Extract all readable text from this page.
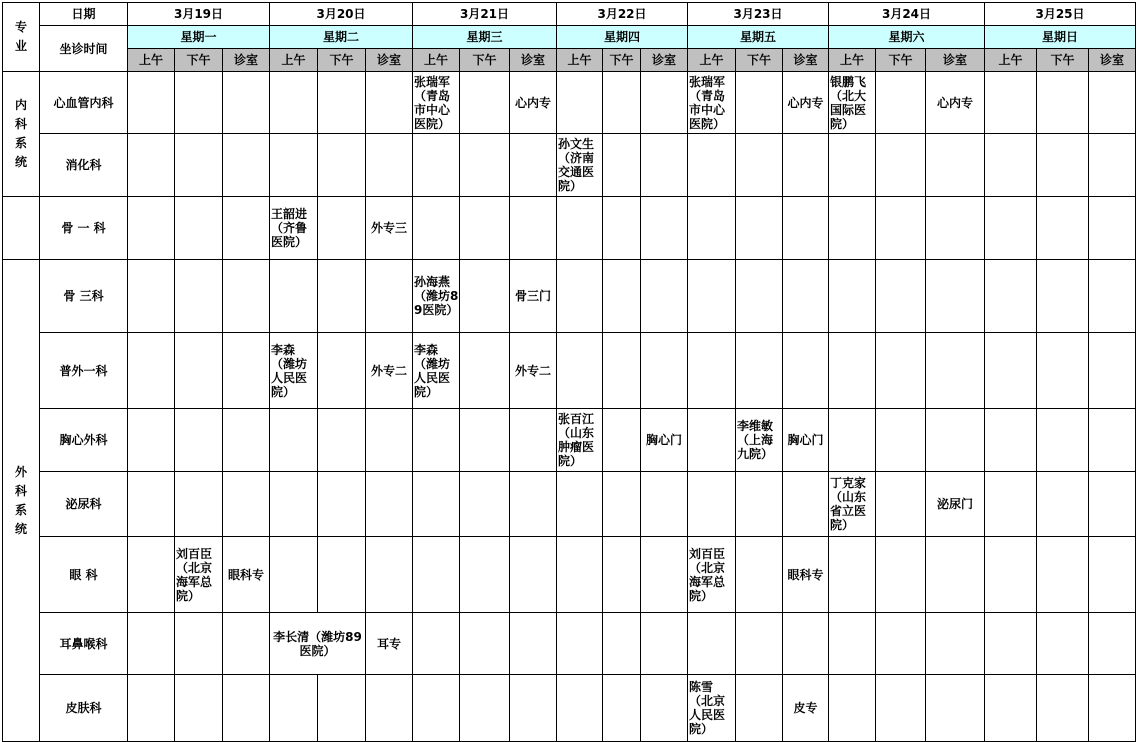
专业	日期	3月19日			3月20日			3月21日			3月22日			3月23日			3月24日			3月25日		
	坐诊时间	星期一			星期二			星期三			星期四			星期五			星期六			星期日		
		上午	下午	诊室	上午	下午	诊室	上午	下午	诊室	上午	下午	诊室	上午	下午	诊室	上午	下午	诊室	上午	下午	诊室
内科系统	心血管内科							张瑞军（青岛市中心医院）		心内专				张瑞军（青岛市中心医院）		心内专	银鹏飞（北大国际医院）		心内专			
	消化科										孙文生（济南交通医院）											
	骨 一 科				王韶进（齐鲁医院）		外专三															
外科系统	骨 三科							孙海燕（潍坊89医院）		骨三门												
	普外一科				李森（潍坊人民医院）		外专二	李森（潍坊人民医院）		外专二												
	胸心外科										张百江（山东肿瘤医院）		胸心门		李维敏（上海九院）	胸心门						
	泌尿科																丁克家（山东省立医院）		泌尿门			
	眼 科		刘百臣（北京海军总院）	眼科专										刘百臣（北京海军总院）		眼科专						
	耳鼻喉科				李长清（潍坊89医院）		耳专															
	皮肤科													陈雪（北京人民医院）		皮专						
